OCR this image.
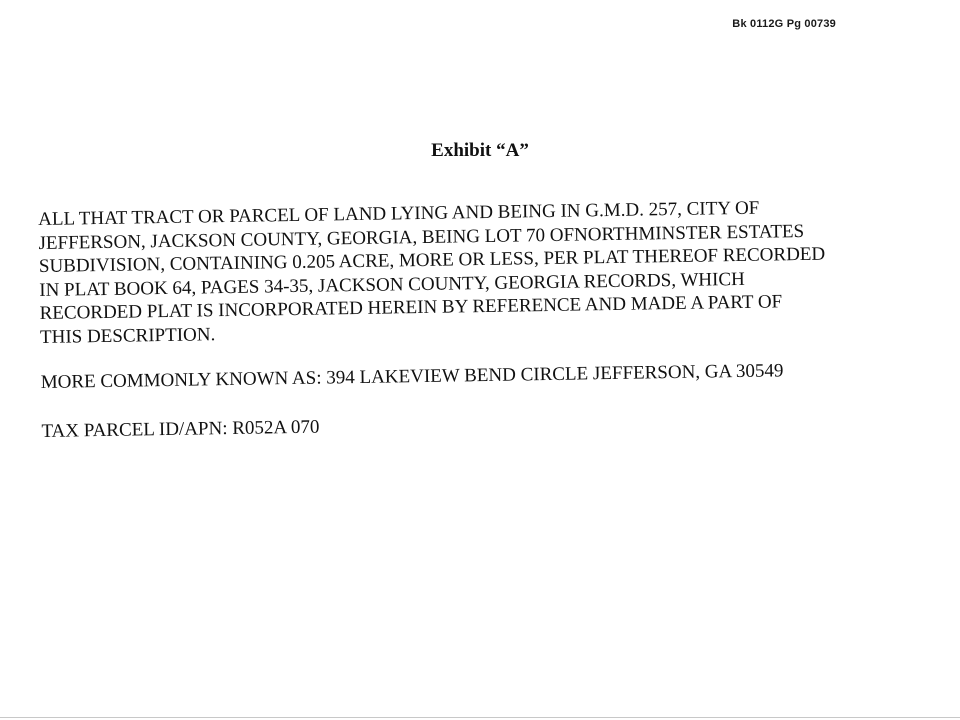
Bk 0112G Pg 00739
Exhibit “A”

ALL THAT TRACT OR PARCEL OF LAND LYING AND BEING IN G.M.D. 257, CITY OF

JEFFERSON, JACKSON COUNTY, GEORGIA, BEING LOT 70 OFNORTHMINSTER ESTATES

SUBDIVISION, CONTAINING 0.205 ACRE, MORE OR LESS, PER PLAT THEREOF RECORDED

IN PLAT BOOK 64, PAGES 34-35, JACKSON COUNTY, GEORGIA RECORDS, WHICH

RECORDED PLAT IS INCORPORATED HEREIN BY REFERENCE AND MADE A PART OF

THIS DESCRIPTION.

MORE COMMONLY KNOWN AS: 394 LAKEVIEW BEND CIRCLE JEFFERSON, GA 30549

TAX PARCEL ID/APN: R052A 070
